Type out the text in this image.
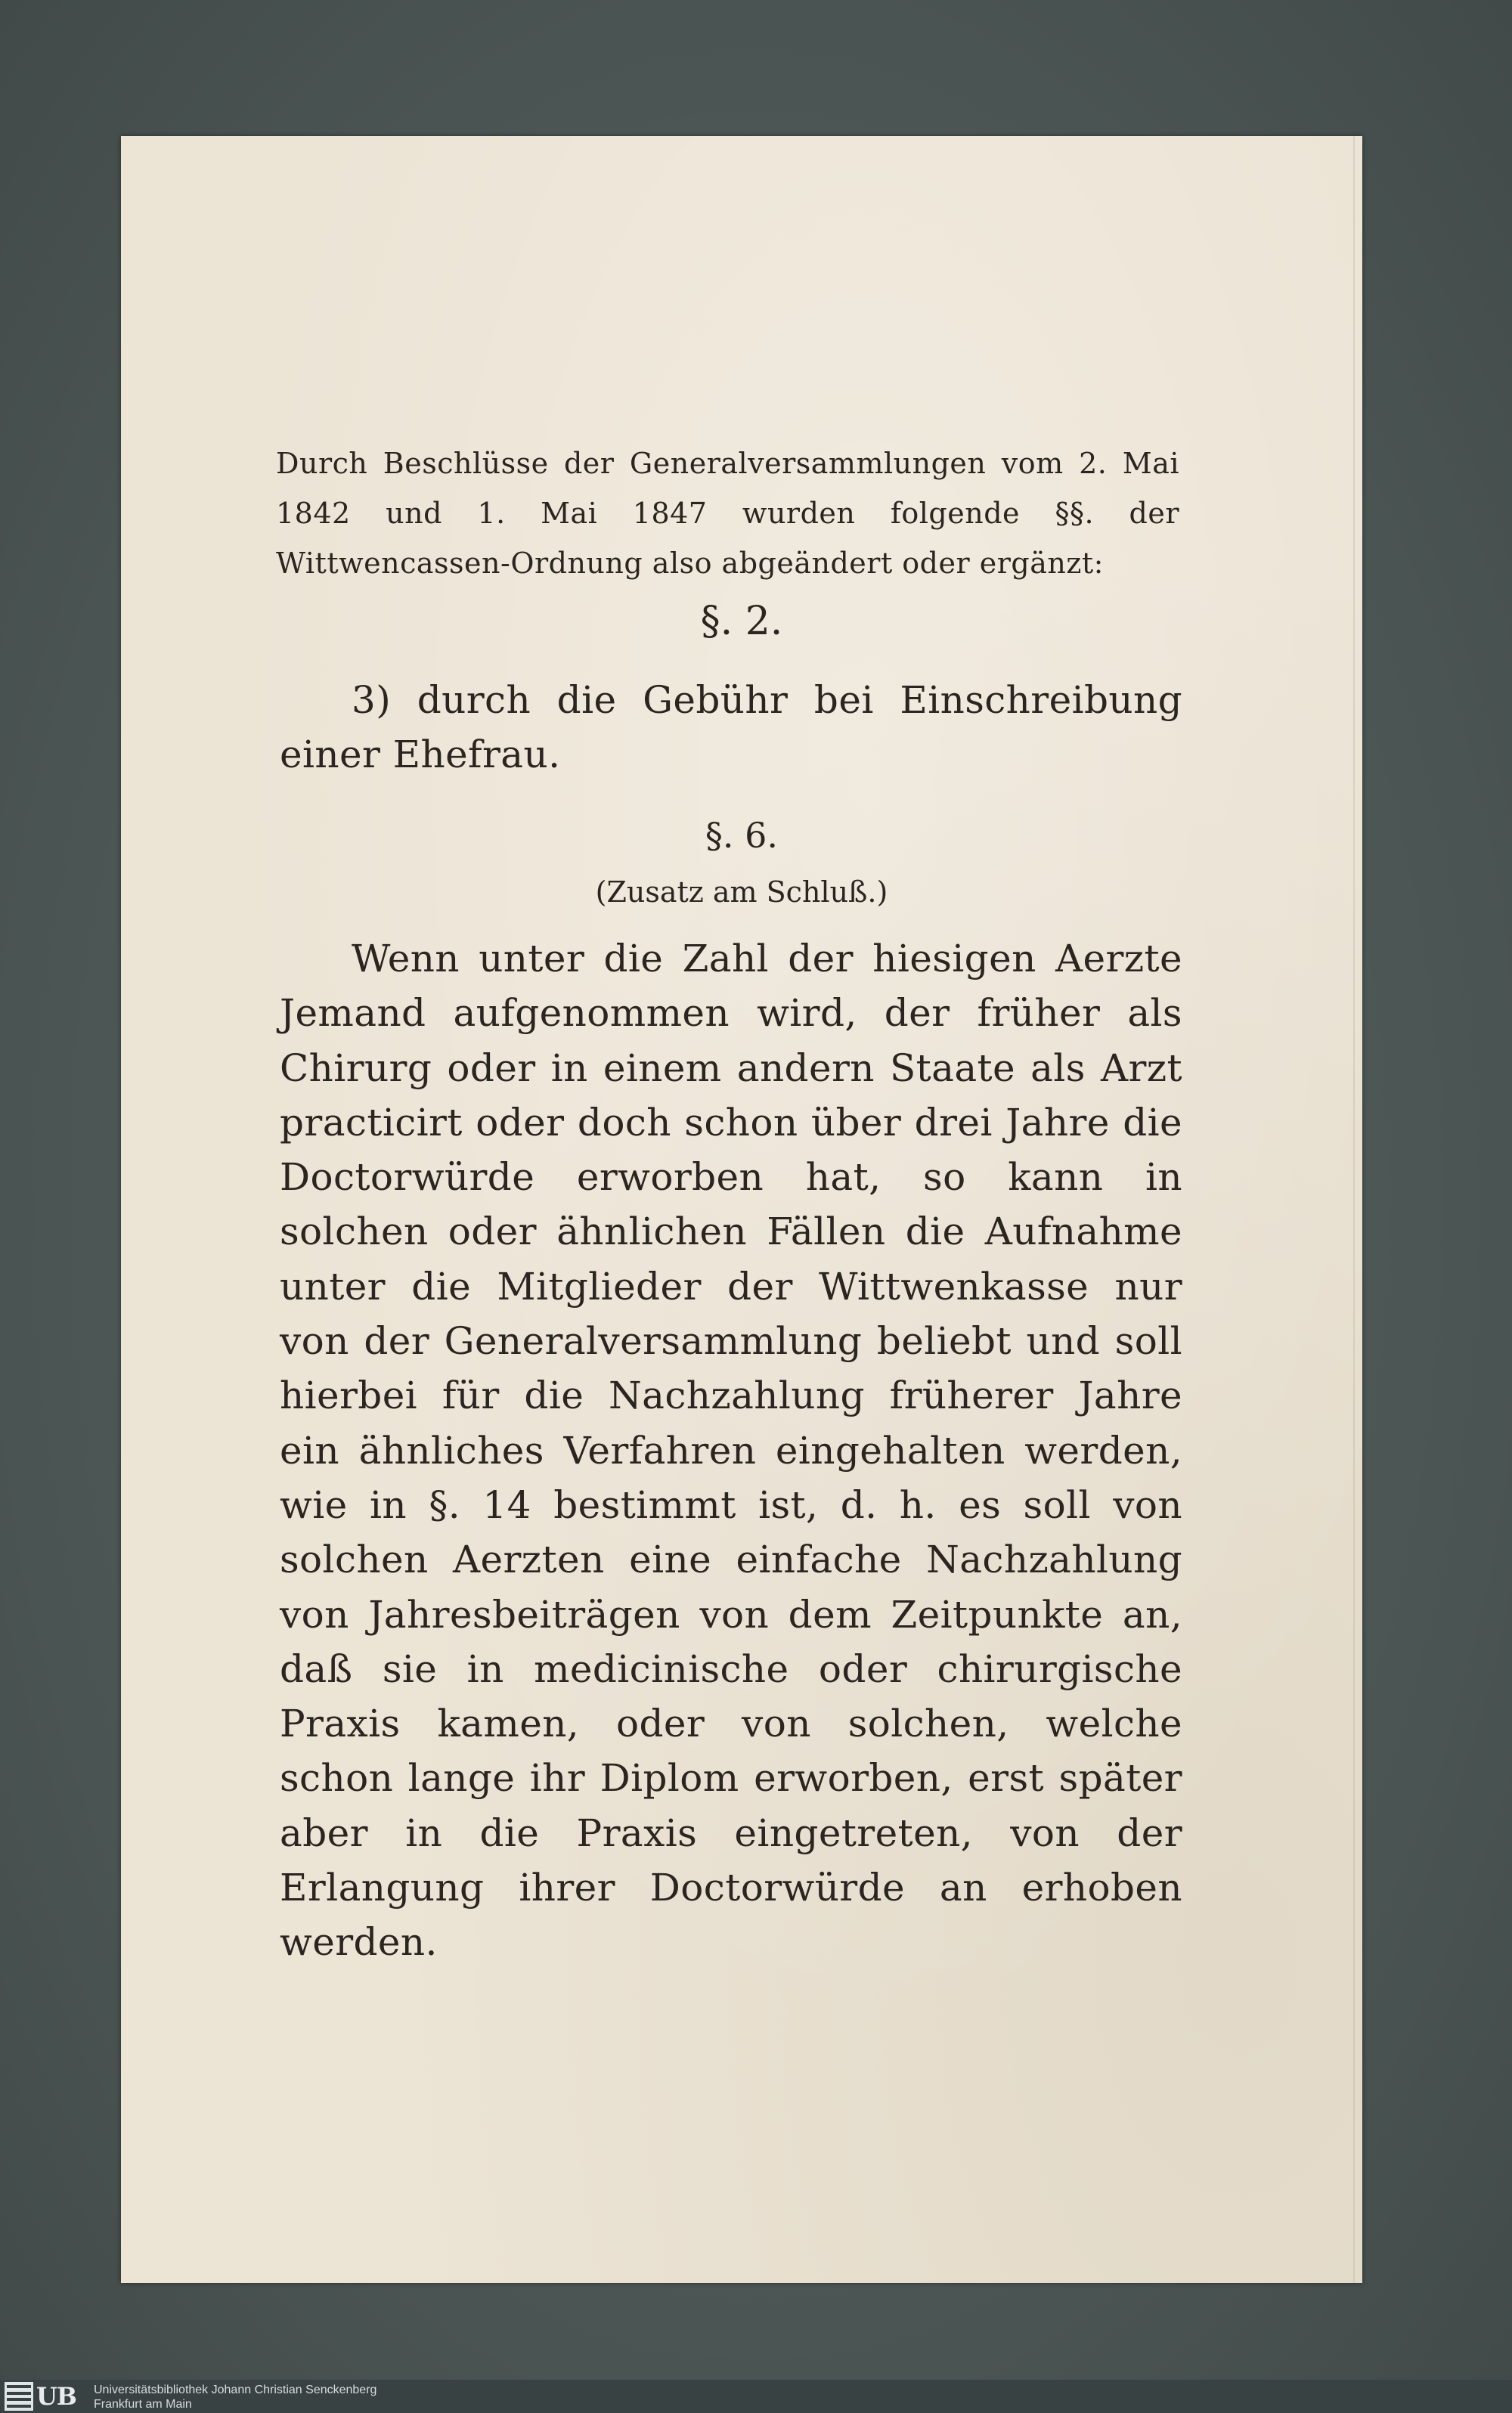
Durch Beschlüsse der Generalversammlungen vom 2. Mai 1842 und 1. Mai 1847 wurden folgende §§. der Wittwencassen-Ordnung also abgeändert oder ergänzt:

§. 2.

3) durch die Gebühr bei Einschreibung einer Ehefrau.

§. 6.
(Zusatz am Schluß.)

Wenn unter die Zahl der hiesigen Aerzte Jemand aufgenommen wird, der früher als Chirurg oder in einem andern Staate als Arzt practicirt oder doch schon über drei Jahre die Doctorwürde erworben hat, so kann in solchen oder ähnlichen Fällen die Aufnahme unter die Mitglieder der Wittwenkasse nur von der Generalversammlung beliebt und soll hierbei für die Nachzahlung früherer Jahre ein ähnliches Verfahren eingehalten werden, wie in §. 14 bestimmt ist, d. h. es soll von solchen Aerzten eine einfache Nachzahlung von Jahresbeiträgen von dem Zeitpunkte an, daß sie in medicinische oder chirurgische Praxis kamen, oder von solchen, welche schon lange ihr Diplom erworben, erst später aber in die Praxis eingetreten, von der Erlangung ihrer Doctorwürde an erhoben werden.

UB Universitätsbibliothek Johann Christian Senckenberg
Frankfurt am Main
